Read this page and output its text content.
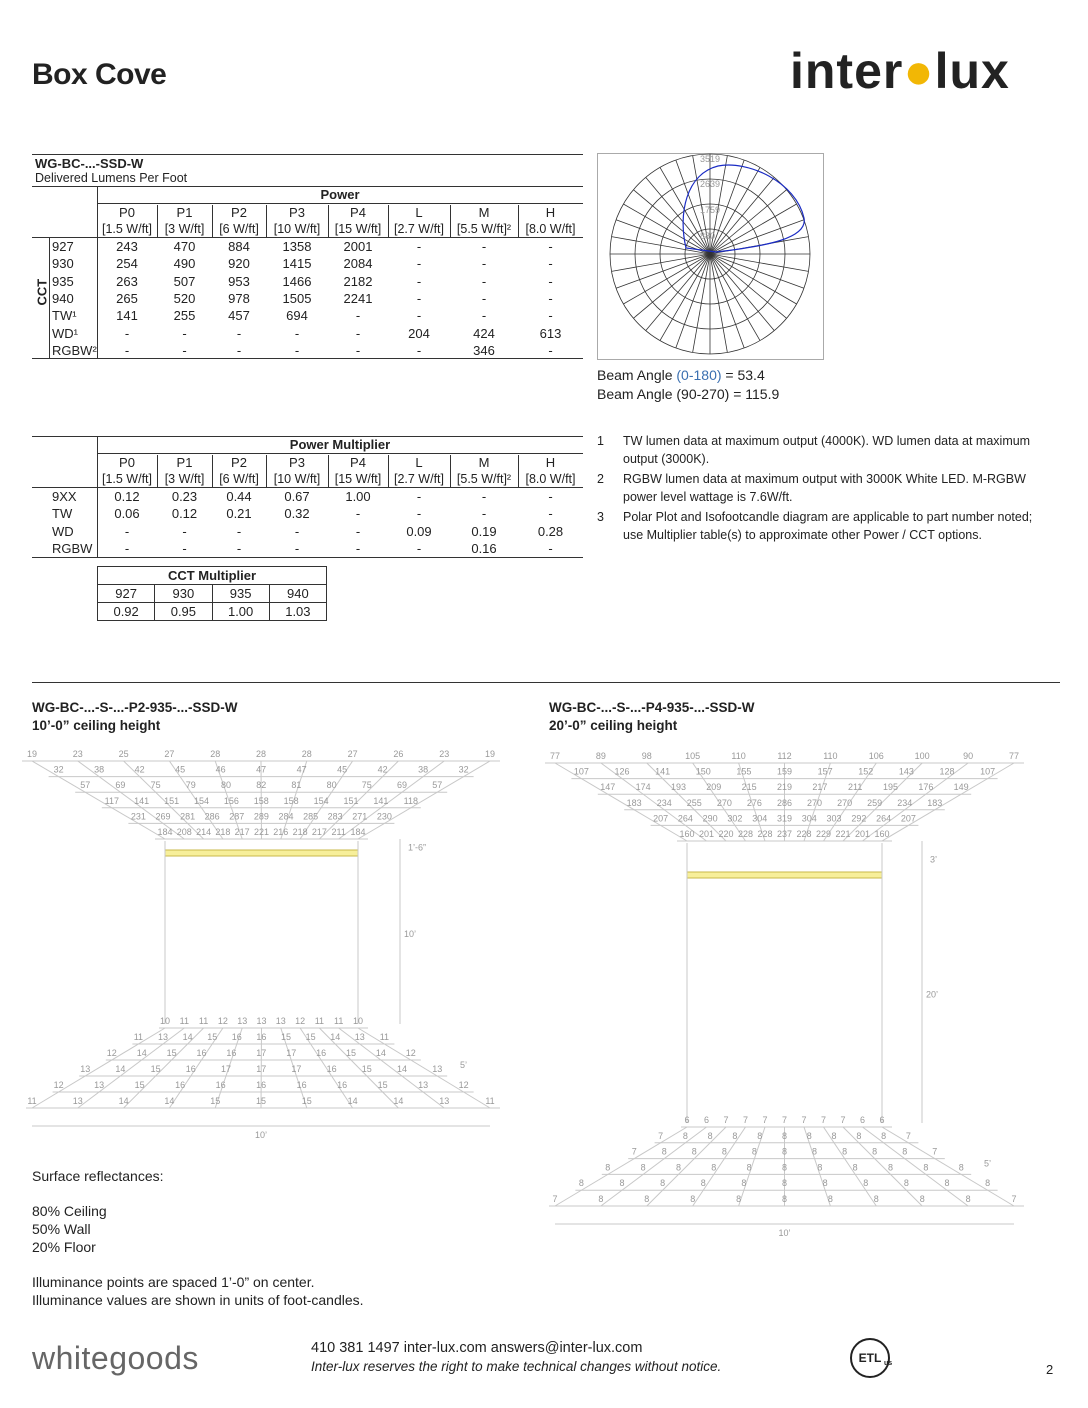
Box Cove	inter●lux
WG-BC-...-SSD-W
Delivered Lumens Per Foot
Power
CCT
3519
2639
1759
880
Beam Angle (0-180) = 53.4
Beam Angle (90-270) = 115.9
Power Multiplier
CCT Multiplier			
927	930	935	940
0.92	0.95	1.00	1.03
1	TW lumen data at maximum output (4000K). WD lumen data at maximum output (3000K).
2	RGBW lumen data at maximum output with 3000K White LED. M-RGBW power level wattage is 7.6W/ft.
3	Polar Plot and Isofootcandle diagram are applicable to part number noted; use Multiplier table(s) to approximate other Power / CCT options.
WG-BC-...-S-...-P2-935-...-SSD-W
10’-0” ceiling height
WG-BC-...-S-...-P4-935-...-SSD-W
20’-0” ceiling height
19	23	25	27	28	28	28	27	26	23	19
32	38	42	45	46	47	47	45	42	38	32
57	69	75	79	80	82	81	80	75	69	57
117 141 151 154 156 158 158 154 151 141 118
231 269 281 286 287 289 284 285 283 271 230
184 208 214 218 217 221 216 218 217 211 184
1’-6”
10’
10 11 11 12 13 13 13 12 11 11 10
11 13 14 15 16 16 15 15 14 13 11
12 14 15 16 16 17 17 16 15 14 12
13	14	15	16	17	17	17	16	15	14	13
12	13	15	16	16	16	16	16	15	13	12
11	13	14	14	15	15	15	14	14	13	11
10’
5’
77	89	98	105	110	112	110	106	100	90	77
107	126	141	150	155	159	157	152	143	128	107
147 174 193 209 215 219 217 211 195 176 149
183 234 255 270 276 286 270 270 259 234 183
207 264 290 302 304 319 304 303 292 264 207
160 201 220 228 228 237 228 229 221 201 160
3’
20’
6 6 7 7 7 7 7 7 7 6 6
7 8 8 8 8 8 8 8 8 8 7
7	8	8	8	8	8	8	8	8	8	7
8	8	8	8	8	8	8	8	8	8	8
8	8	8	8	8	8	8	8	8	8	8
7	8	8	8	8	8	8	8	8	8	7
10’
5’
Surface reflectances:
80% Ceiling
50% Wall
20% Floor
Illuminance points are spaced 1’-0” on center.
Illuminance values are shown in units of foot-candles.
whitegoods	410 381 1497 inter-lux.com answers@inter-lux.com
Inter-lux reserves the right to make technical changes without notice.
ETL us	2
P0
[1.5 W/ft]
P1
[3 W/ft]
P2
[6 W/ft]
P3
[10 W/ft]
P4
[15 W/ft]
L
[2.7 W/ft]
M
[5.5 W/ft]²
H
[8.0 W/ft]
P0
[1.5 W/ft]
P1
[3 W/ft]
P2
[6 W/ft]
P3
[10 W/ft]
P4
[15 W/ft]
L
[2.7 W/ft]
M
[5.5 W/ft]²
H
[8.0 W/ft]
927	243	470	884	1358	2001	-	-	-
930	254	490	920	1415	2084	-	-	-
935	263	507	953	1466	2182	-	-	-
940	265	520	978	1505	2241	-	-	-
TW¹	141	255	457	694	-	-	-	-
WD¹	-	-	-	-	-	204	424	613
RGBW²	-	-	-	-	-	-	346	-
9XX	0.12	0.23	0.44	0.67	1.00	-	-	-
TW	0.06	0.12	0.21	0.32	-	-	-	-
WD	-	-	-	-	-	0.09	0.19	0.28
RGBW	-	-	-	-	-	-	0.16	-
